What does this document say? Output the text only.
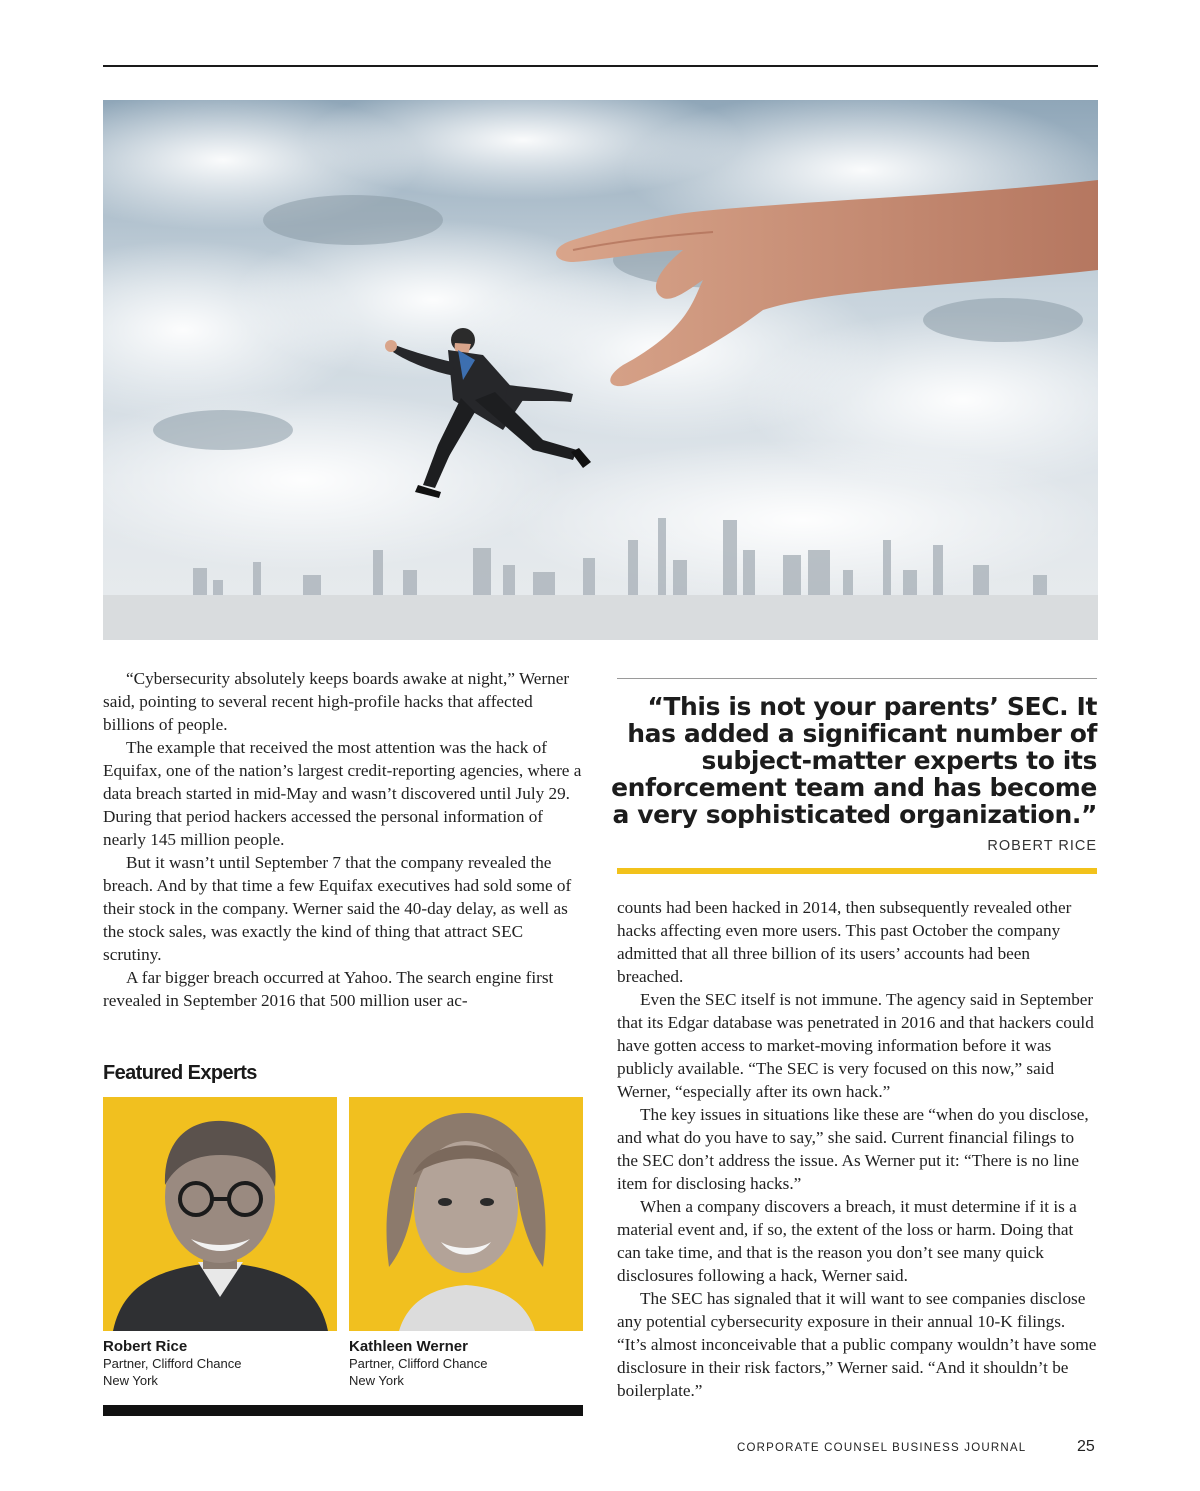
“Cybersecurity absolutely keeps boards awake at night,” Werner said, pointing to several recent high-profile hacks that affected billions of people.

The example that received the most attention was the hack of Equifax, one of the nation’s largest credit-reporting agencies, where a data breach started in mid-May and wasn’t discovered until July 29. During that period hackers accessed the personal information of nearly 145 million people.

But it wasn’t until September 7 that the company revealed the breach. And by that time a few Equifax executives had sold some of their stock in the company. Werner said the 40-day delay, as well as the stock sales, was exactly the kind of thing that attract SEC scrutiny.

A far bigger breach occurred at Yahoo. The search engine first revealed in September 2016 that 500 million user ac-

“This is not your parents’ SEC. It has added a significant number of subject-matter experts to its enforcement team and has become a very sophisticated organization.”
ROBERT RICE

counts had been hacked in 2014, then subsequently revealed other hacks affecting even more users. This past October the company admitted that all three billion of its users’ accounts had been breached.

Even the SEC itself is not immune. The agency said in September that its Edgar database was penetrated in 2016 and that hackers could have gotten access to market-moving information before it was publicly available. “The SEC is very focused on this now,” said Werner, “especially after its own hack.”

The key issues in situations like these are “when do you disclose, and what do you have to say,” she said. Current financial filings to the SEC don’t address the issue. As Werner put it: “There is no line item for disclosing hacks.”

When a company discovers a breach, it must determine if it is a material event and, if so, the extent of the loss or harm. Doing that can take time, and that is the reason you don’t see many quick disclosures following a hack, Werner said.

The SEC has signaled that it will want to see companies disclose any potential cybersecurity exposure in their annual 10-K filings. “It’s almost inconceivable that a public company wouldn’t have some disclosure in their risk factors,” Werner said. “And it shouldn’t be boilerplate.”

Featured Experts
Robert Rice
Partner, Clifford Chance
New York
Kathleen Werner
Partner, Clifford Chance
New York
CORPORATE COUNSEL BUSINESS JOURNAL	25
